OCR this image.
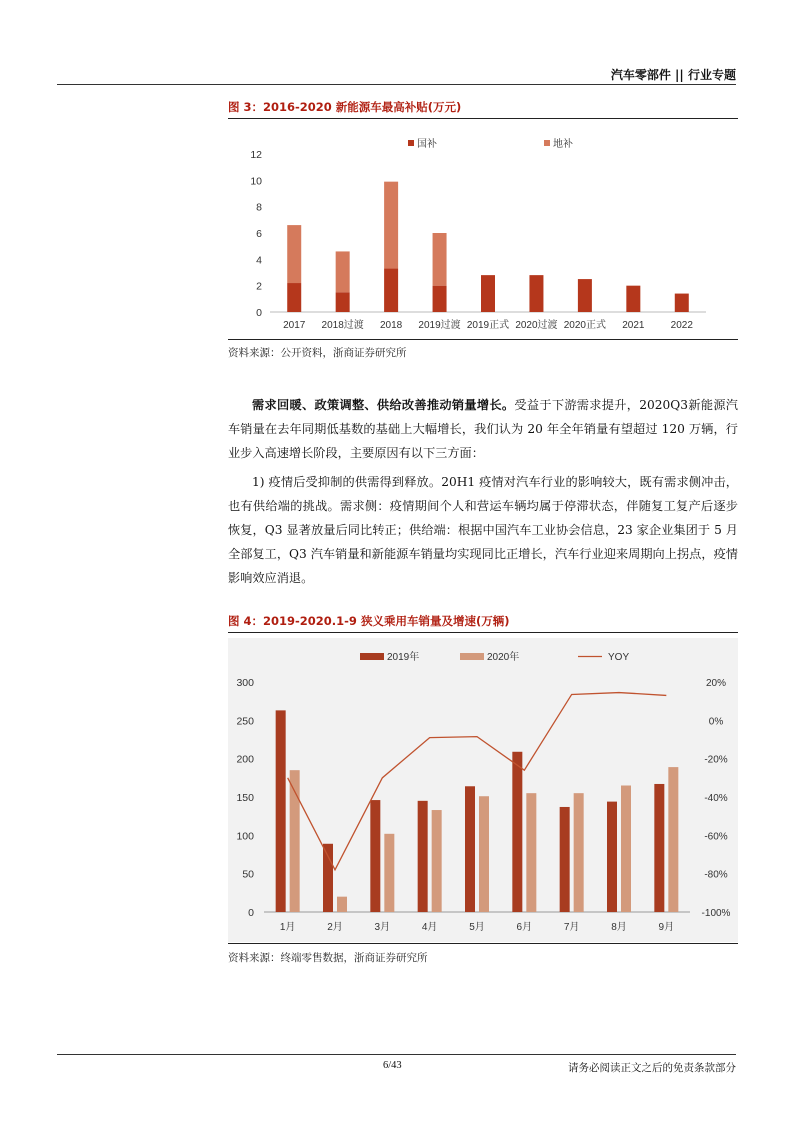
汽车零部件 || 行业专题
图 3：2016-2020 新能源车最高补贴(万元)
0
2
4
6
8
10
12
2017 2018过渡 2018 2019过渡 2019正式 2020过渡 2020正式 2021	2022
国补	地补
资料来源：公开资料，浙商证券研究所

需求回暖、政策调整、供给改善推动销量增长。受益于下游需求提升，2020Q3新能源汽车销量在去年同期低基数的基础上大幅增长，我们认为 20 年全年销量有望超过 120 万辆，行业步入高速增长阶段，主要原因有以下三方面：

1) 疫情后受抑制的供需得到释放。20H1 疫情对汽车行业的影响较大，既有需求侧冲击，也有供给端的挑战。需求侧：疫情期间个人和营运车辆均属于停滞状态，伴随复工复产后逐步恢复，Q3 显著放量后同比转正；供给端：根据中国汽车工业协会信息，23 家企业集团于 5 月全部复工，Q3 汽车销量和新能源车销量均实现同比正增长，汽车行业迎来周期向上拐点，疫情影响效应消退。

图 4：2019-2020.1-9 狭义乘用车销量及增速(万辆)
0
50
100
150
200
250
300
-100%
-80%
-60%
-40%
-20%
0%
20%
1月	2月	3月	4月	5月	6月	7月	8月	9月
2019年	2020年	YOY
资料来源：终端零售数据，浙商证券研究所
6/43	请务必阅读正文之后的免责条款部分
